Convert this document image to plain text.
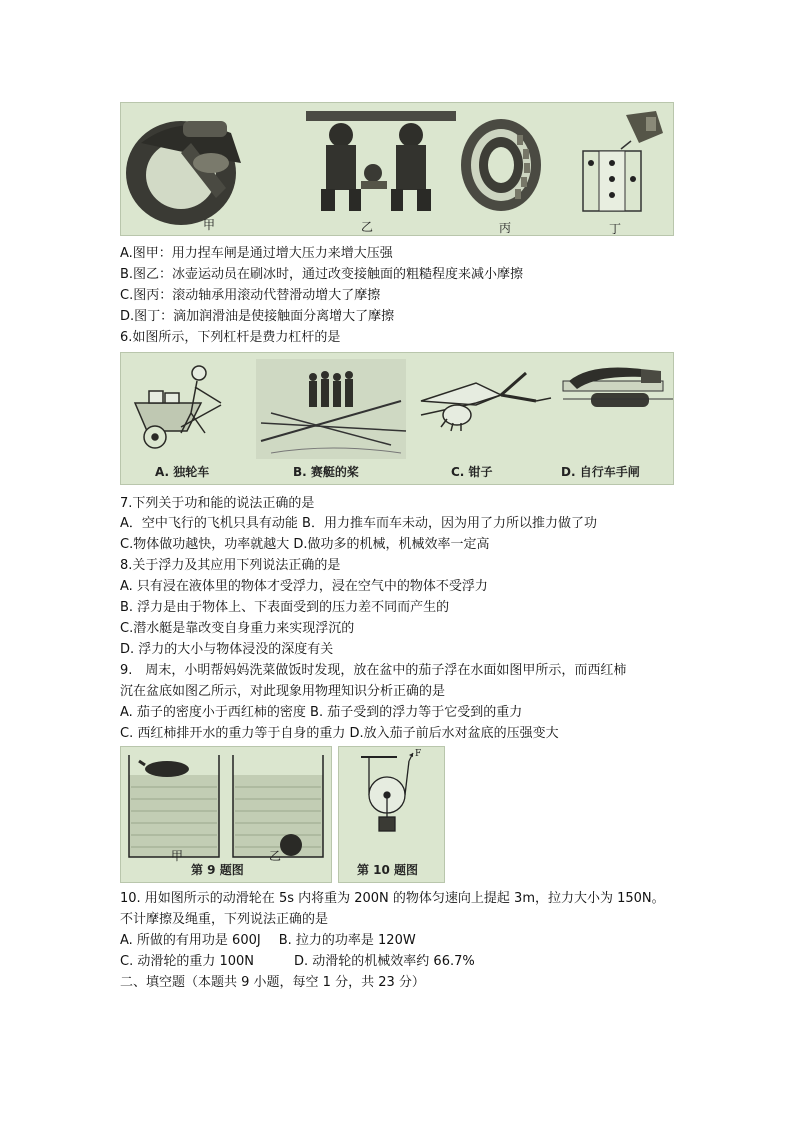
甲	乙	丙	丁
A.图甲：用力捏车闸是通过增大压力来增大压强
B.图乙：冰壶运动员在刷冰时，通过改变接触面的粗糙程度来减小摩擦
C.图丙：滚动轴承用滚动代替滑动增大了摩擦
D.图丁：滴加润滑油是使接触面分离增大了摩擦
6.如图所示，下列杠杆是费力杠杆的是
A. 独轮车	B. 赛艇的桨	C. 钳子	D. 自行车手闸
7.下列关于功和能的说法正确的是
A．空中飞行的飞机只具有动能 B．用力推车而车未动，因为用了力所以推力做了功
C.物体做功越快，功率就越大 D.做功多的机械，机械效率一定高
8.关于浮力及其应用下列说法正确的是
A. 只有浸在液体里的物体才受浮力，浸在空气中的物体不受浮力
B. 浮力是由于物体上、下表面受到的压力差不同而产生的
C.潜水艇是靠改变自身重力来实现浮沉的
D. 浮力的大小与物体浸没的深度有关
9.　周末，小明帮妈妈洗菜做饭时发现，放在盆中的茄子浮在水面如图甲所示，而西红柿
沉在盆底如图乙所示，对此现象用物理知识分析正确的是
A. 茄子的密度小于西红柿的密度 B. 茄子受到的浮力等于它受到的重力
C. 西红柿排开水的重力等于自身的重力 D.放入茄子前后水对盆底的压强变大
甲	乙
第 9 题图
F
第 10 题图
10. 用如图所示的动滑轮在 5s 内将重为 200N 的物体匀速向上提起 3m，拉力大小为 150N。
不计摩擦及绳重，下列说法正确的是
A. 所做的有用功是 600J B. 拉力的功率是 120W
C. 动滑轮的重力 100N	D. 动滑轮的机械效率约 66.7%
二、填空题（本题共 9 小题，每空 1 分，共 23 分）
